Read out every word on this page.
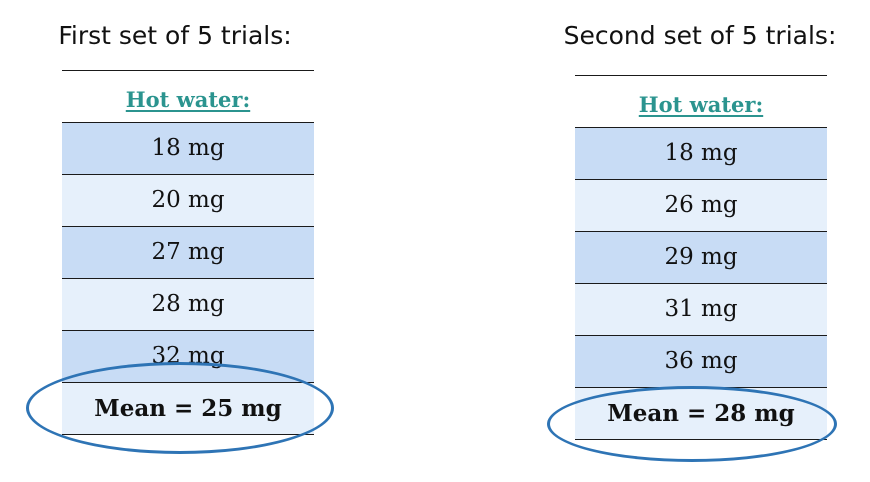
First set of 5 trials:
Hot water:
18 mg
20 mg
27 mg
28 mg
32 mg
Mean = 25 mg
Second set of 5 trials:
Hot water:
18 mg
26 mg
29 mg
31 mg
36 mg
Mean = 28 mg
